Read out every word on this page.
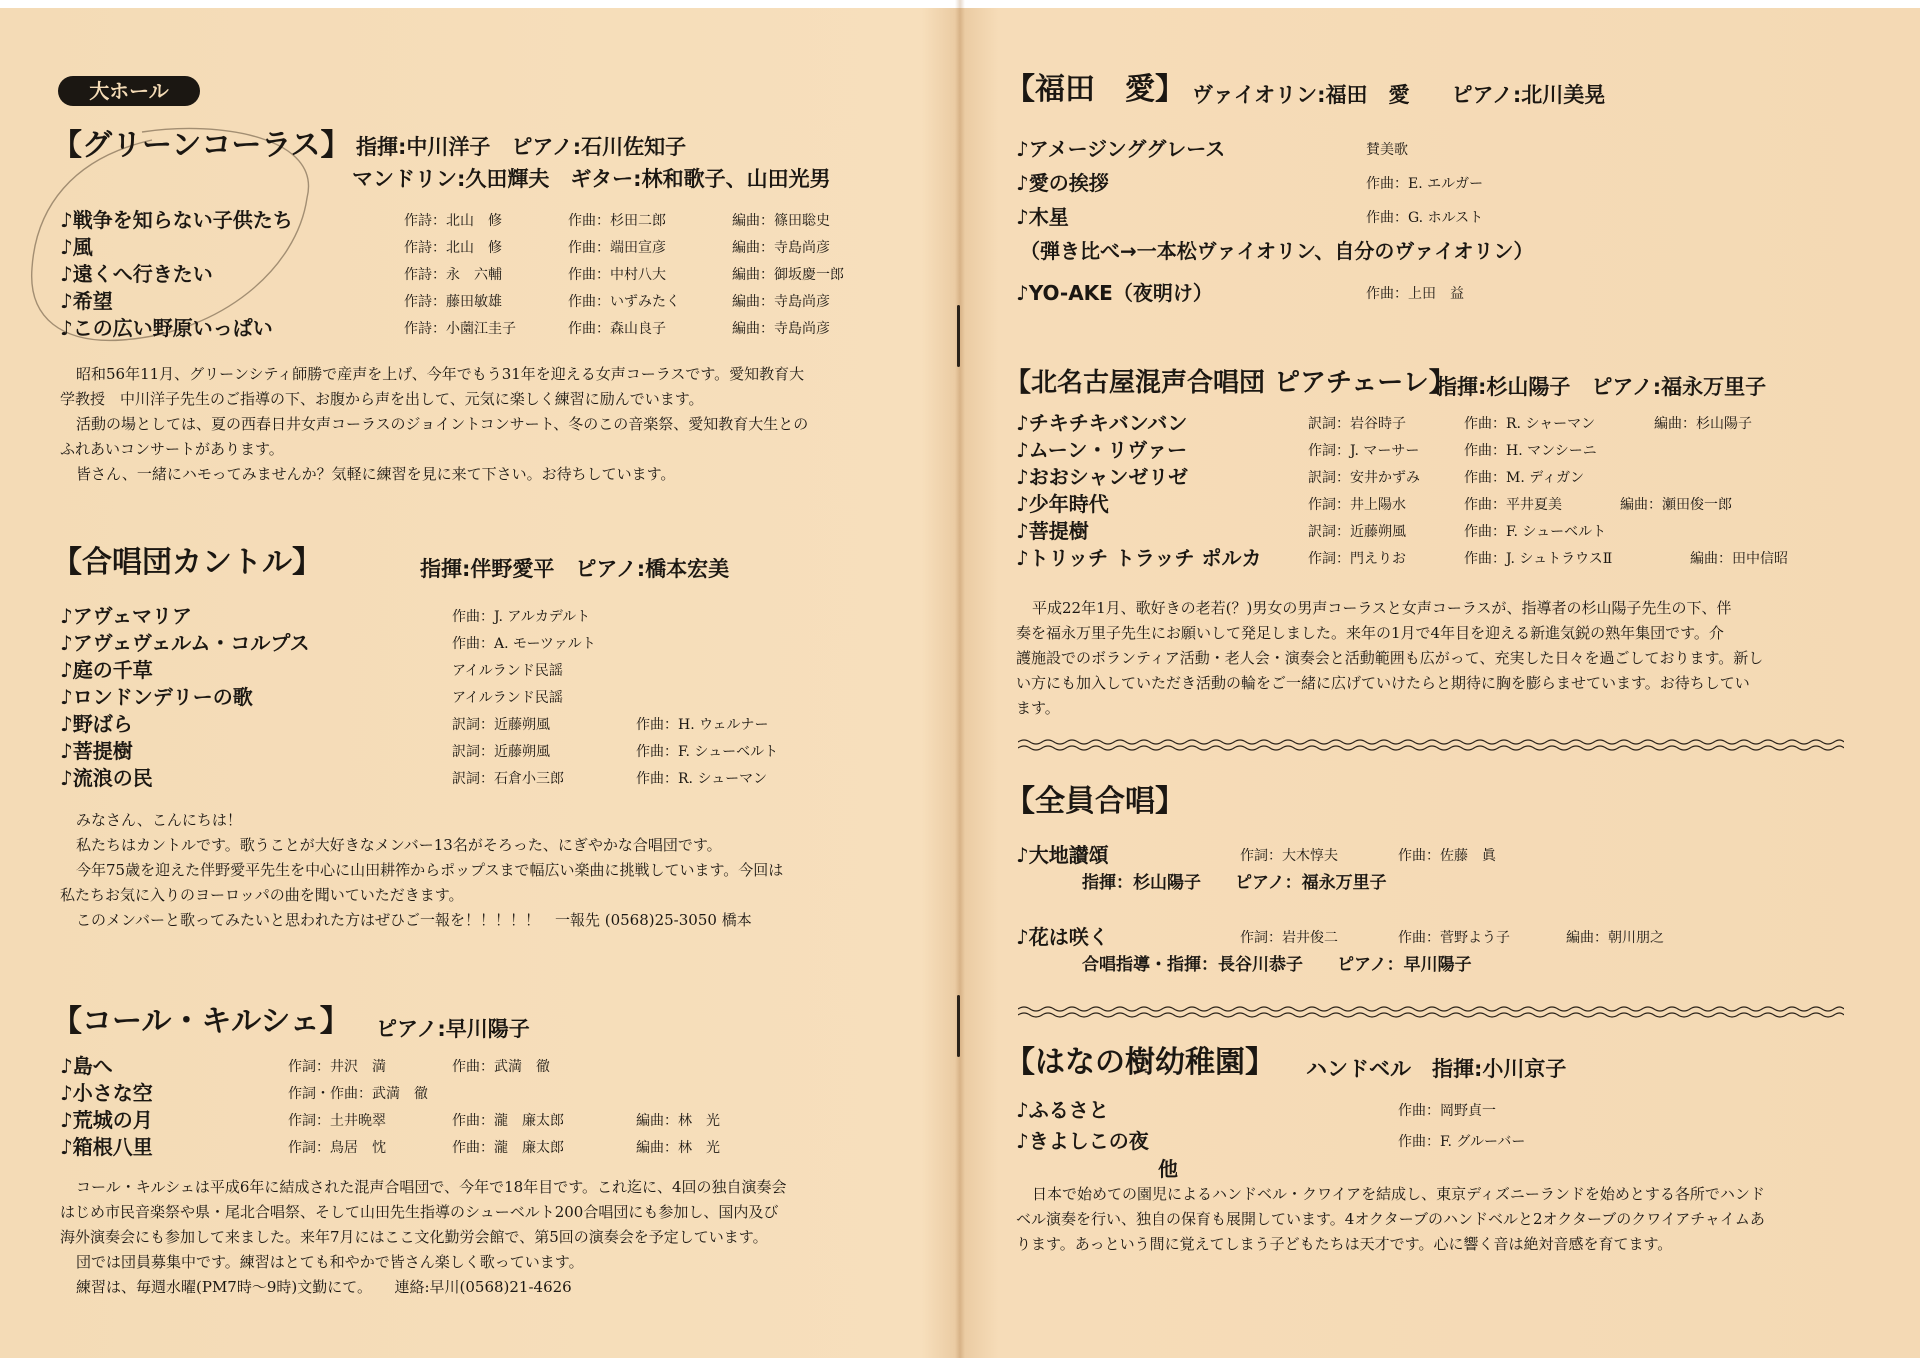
大ホール
【グリーンコーラス】 指揮:中川洋子　ピアノ:石川佐知子
マンドリン:久田輝夫　ギター:林和歌子、山田光男
♪戦争を知らない子供たち	作詩：北山　修	作曲：杉田二郎	編曲：篠田聡史
♪風	作詩：北山　修	作曲：端田宣彦	編曲：寺島尚彦
♪遠くへ行きたい	作詩：永　六輔	作曲：中村八大	編曲：御坂慶一郎
♪希望	作詩：藤田敏雄	作曲：いずみたく	編曲：寺島尚彦
♪この広い野原いっぱい	作詩：小薗江圭子	作曲：森山良子	編曲：寺島尚彦
昭和56年11月、グリーンシティ師勝で産声を上げ、今年でもう31年を迎える女声コーラスです。愛知教育大
学教授　中川洋子先生のご指導の下、お腹から声を出して、元気に楽しく練習に励んでいます。
活動の場としては、夏の西春日井女声コーラスのジョイントコンサート、冬のこの音楽祭、愛知教育大生との
ふれあいコンサートがあります。
皆さん、一緒にハモってみませんか？気軽に練習を見に来て下さい。お待ちしています。
【合唱団カントル】	指揮:伴野愛平　ピアノ:橋本宏美
♪アヴェマリア	作曲：J. アルカデルト
♪アヴェヴェルム・コルプス	作曲：A. モーツァルト
♪庭の千草	アイルランド民謡
♪ロンドンデリーの歌	アイルランド民謡
♪野ばら	訳詞：近藤朔風	作曲：H. ウェルナー
♪菩提樹	訳詞：近藤朔風	作曲：F. シューベルト
♪流浪の民	訳詞：石倉小三郎	作曲：R. シューマン
みなさん、こんにちは！
私たちはカントルです。歌うことが大好きなメンバー13名がそろった、にぎやかな合唱団です。
今年75歳を迎えた伴野愛平先生を中心に山田耕筰からポップスまで幅広い楽曲に挑戦しています。今回は
私たちお気に入りのヨーロッパの曲を聞いていただきます。
このメンバーと歌ってみたいと思われた方はぜひご一報を！！！！！　一報先 (0568)25-3050 橋本
【コール・キルシェ】 ピアノ:早川陽子
♪島へ	作詞：井沢　満	作曲：武満　徹
♪小さな空	作詞・作曲：武満　徹
♪荒城の月	作詞：土井晩翠	作曲：瀧　廉太郎	編曲：林　光
♪箱根八里	作詞：鳥居　忱	作曲：瀧　廉太郎	編曲：林　光
コール・キルシェは平成6年に結成された混声合唱団で、今年で18年目です。これ迄に、4回の独自演奏会
はじめ市民音楽祭や県・尾北合唱祭、そして山田先生指導のシューベルト200合唱団にも参加し、国内及び
海外演奏会にも参加して来ました。来年7月にはここ文化勤労会館で、第5回の演奏会を予定しています。
団では団員募集中です。練習はとても和やかで皆さん楽しく歌っています。
練習は、毎週水曜(PM7時～9時)文勤にて。　　連絡:早川(0568)21-4626
【福田　愛】 ヴァイオリン:福田　愛　　ピアノ:北川美晃
♪アメージンググレース	賛美歌
♪愛の挨拶	作曲：E. エルガー
♪木星	作曲：G. ホルスト
（弾き比べ→一本松ヴァイオリン、自分のヴァイオリン）
♪YO-AKE（夜明け）	作曲：上田　益
【北名古屋混声合唱団 ピアチェーレ】
指揮:杉山陽子　ピアノ:福永万里子
♪チキチキバンバン	訳詞：岩谷時子	作曲：R. シャーマン	編曲：杉山陽子
♪ムーン・リヴァー	作詞：J. マーサー	作曲：H. マンシーニ
♪おおシャンゼリゼ	訳詞：安井かずみ	作曲：M. ディガン
♪少年時代	作詞：井上陽水	作曲：平井夏美	編曲：瀬田俊一郎
♪菩提樹	訳詞：近藤朔風	作曲：F. シューベルト
♪トリッチ トラッチ ポルカ	作詞：門えりお	作曲：J. シュトラウスⅡ	編曲：田中信昭
平成22年1月、歌好きの老若(？)男女の男声コーラスと女声コーラスが、指導者の杉山陽子先生の下、伴
奏を福永万里子先生にお願いして発足しました。来年の1月で4年目を迎える新進気鋭の熟年集団です。介
護施設でのボランティア活動・老人会・演奏会と活動範囲も広がって、充実した日々を過ごしております。新し
い方にも加入していただき活動の輪をご一緒に広げていけたらと期待に胸を膨らませています。お待ちしてい
ます。
【全員合唱】
♪大地讃頌	作詞：大木惇夫	作曲：佐藤　眞
指揮：杉山陽子　　ピアノ：福永万里子
♪花は咲く	作詞：岩井俊二	作曲：菅野よう子	編曲：朝川朋之
合唱指導・指揮：長谷川恭子　　ピアノ：早川陽子
【はなの樹幼稚園】 ハンドベル　指揮:小川京子
♪ふるさと	作曲：岡野貞一
♪きよしこの夜	作曲：F. グルーバー
他
日本で始めての園児によるハンドベル・クワイアを結成し、東京ディズニーランドを始めとする各所でハンド
ベル演奏を行い、独自の保育も展開しています。4オクターブのハンドベルと2オクターブのクワイアチャイムあ
ります。あっという間に覚えてしまう子どもたちは天才です。心に響く音は絶対音感を育てます。
